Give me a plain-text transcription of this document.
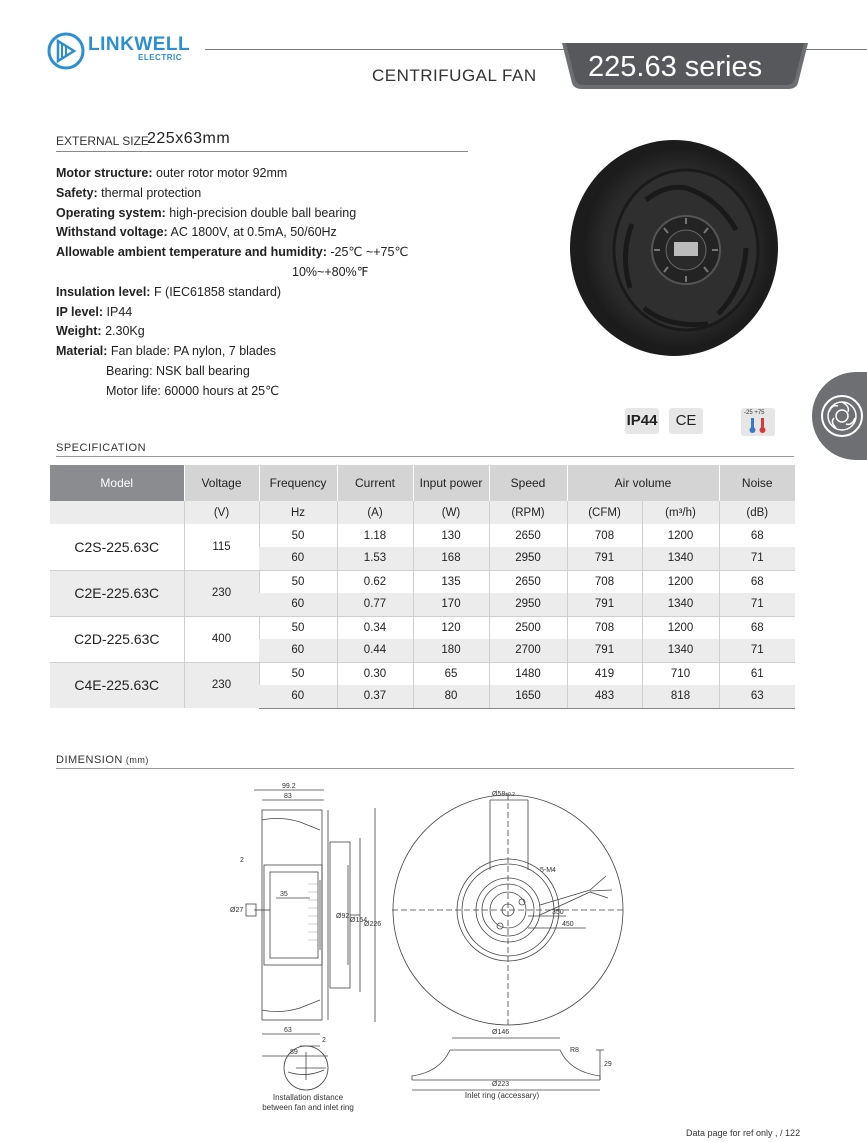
LINKWELL
ELECTRIC
CENTRIFUGAL FAN 225.63 series
EXTERNAL SIZE
225x63mm
Motor structure: outer rotor motor 92mm
Safety: thermal protection
Operating system: high-precision double ball bearing
Withstand voltage: AC 1800V, at 0.5mA, 50/60Hz
Allowable ambient temperature and humidity: -25℃ ~+75℃
10%~+80%℉
Insulation level: F (IEC61858 standard)
IP level: IP44
Weight: 2.30Kg
Material: Fan blade: PA nylon, 7 blades
Bearing: NSK ball bearing
Motor life: 60000 hours at 25℃
IP44	CE	-25 +75
SPECIFICATION
Model	Voltage	Frequency	Current	Input power	Speed	Air volume		Noise
	(V)	Hz	(A)	(W)	(RPM)	(CFM)	(m³/h)	(dB)
C2S-225.63C	115	50	1.18	130	2650	708	1200	68
		60	1.53	168	2950	791	1340	71
C2E-225.63C	230	50	0.62	135	2650	708	1200	68
		60	0.77	170	2950	791	1340	71
C2D-225.63C	400	50	0.34	120	2500	708	1200	68
		60	0.44	180	2700	791	1340	71
C4E-225.63C	230	50	0.30	65	1480	419	710	61
		60	0.37	80	1650	483	818	63
DIMENSION (mm)
99.2
83
35
63
89
2
Ø27
Ø92
Ø154
Ø226
Ø58±0.2
5-M4
350
450
Ø146
Ø223
29
R8
2
Installation distance
between fan and inlet ring
Inlet ring (accessary)
Data page for ref only , / 122
